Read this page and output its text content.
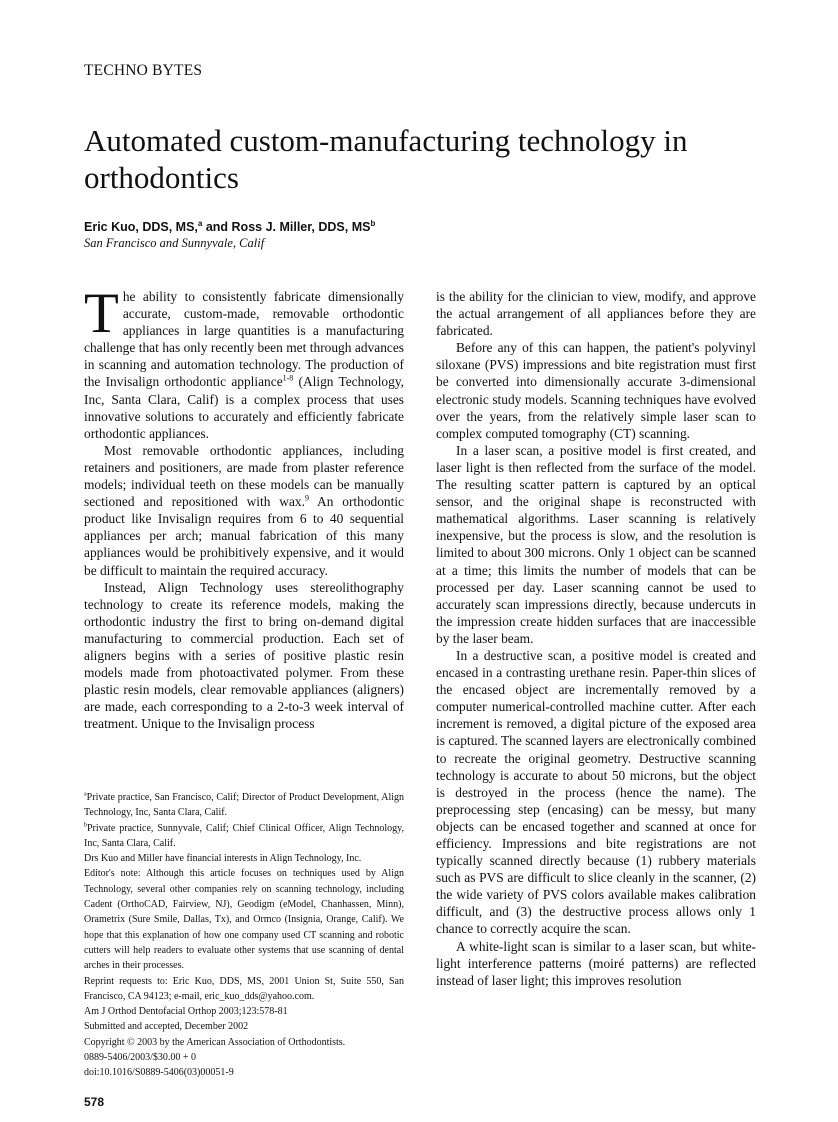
TECHNO BYTES
Automated custom-manufacturing technology in orthodontics
Eric Kuo, DDS, MS,$^a$ and Ross J. Miller, DDS, $MS^b$
San Francisco and Sunnyvale, Calif

The ability to consistently fabricate dimensionally accurate, custom-made, removable orthodontic appliances in large quantities is a manufacturing challenge that has only recently been met through advances in scanning and automation technology. The production of the Invisalign orthodontic appliance$^{1-8}$ (Align Technology, Inc, Santa Clara, Calif) is a complex process that uses innovative solutions to accurately and efficiently fabricate orthodontic appliances.

Most removable orthodontic appliances, including retainers and positioners, are made from plaster reference models; individual teeth on these models can be manually sectioned and repositioned with wax.$^9$ An orthodontic product like Invisalign requires from 6 to 40 sequential appliances per arch; manual fabrication of this many appliances would be prohibitively expensive, and it would be difficult to maintain the required accuracy.

Instead, Align Technology uses stereolithography technology to create its reference models, making the orthodontic industry the first to bring on-demand digital manufacturing to commercial production. Each set of aligners begins with a series of positive plastic resin models made from photoactivated polymer. From these plastic resin models, clear removable appliances (aligners) are made, each corresponding to a 2-to-3 week interval of treatment. Unique to the Invisalign process

$^a$Private practice, San Francisco, Calif; Director of Product Development, Align Technology, Inc, Santa Clara, Calif.
$^b$Private practice, Sunnyvale, Calif; Chief Clinical Officer, Align Technology, Inc, Santa Clara, Calif.
Drs Kuo and Miller have financial interests in Align Technology, Inc.
Editor's note: Although this article focuses on techniques used by Align Technology, several other companies rely on scanning technology, including Cadent (OrthoCAD, Fairview, NJ), Geodigm (eModel, Chanhassen, Minn), Orametrix (Sure Smile, Dallas, Tx), and Ormco (Insignia, Orange, Calif). We hope that this explanation of how one company used CT scanning and robotic cutters will help readers to evaluate other systems that use scanning of dental arches in their processes.
Reprint requests to: Eric Kuo, DDS, MS, 2001 Union St, Suite 550, San Francisco, CA 94123; e-mail, eric_kuo_dds@yahoo.com.
Am J Orthod Dentofacial Orthop 2003;123:578-81
Submitted and accepted, December 2002
Copyright © 2003 by the American Association of Orthodontists.
0889-5406/2003/$30.00 + 0
doi:10.1016/S0889-5406(03)00051-9
578

is the ability for the clinician to view, modify, and approve the actual arrangement of all appliances before they are fabricated.

Before any of this can happen, the patient's polyvinyl siloxane (PVS) impressions and bite registration must first be converted into dimensionally accurate 3-dimensional electronic study models. Scanning techniques have evolved over the years, from the relatively simple laser scan to complex computed tomography (CT) scanning.

In a laser scan, a positive model is first created, and laser light is then reflected from the surface of the model. The resulting scatter pattern is captured by an optical sensor, and the original shape is reconstructed with mathematical algorithms. Laser scanning is relatively inexpensive, but the process is slow, and the resolution is limited to about 300 microns. Only 1 object can be scanned at a time; this limits the number of models that can be processed per day. Laser scanning cannot be used to accurately scan impressions directly, because undercuts in the impression create hidden surfaces that are inaccessible by the laser beam.

In a destructive scan, a positive model is created and encased in a contrasting urethane resin. Paper-thin slices of the encased object are incrementally removed by a computer numerical-controlled machine cutter. After each increment is removed, a digital picture of the exposed area is captured. The scanned layers are electronically combined to recreate the original geometry. Destructive scanning technology is accurate to about 50 microns, but the object is destroyed in the process (hence the name). The preprocessing step (encasing) can be messy, but many objects can be encased together and scanned at once for efficiency. Impressions and bite registrations are not typically scanned directly because (1) rubbery materials such as PVS are difficult to slice cleanly in the scanner, (2) the wide variety of PVS colors available makes calibration difficult, and (3) the destructive process allows only 1 chance to correctly acquire the scan.

A white-light scan is similar to a laser scan, but white-light interference patterns (moiré patterns) are reflected instead of laser light; this improves resolution
